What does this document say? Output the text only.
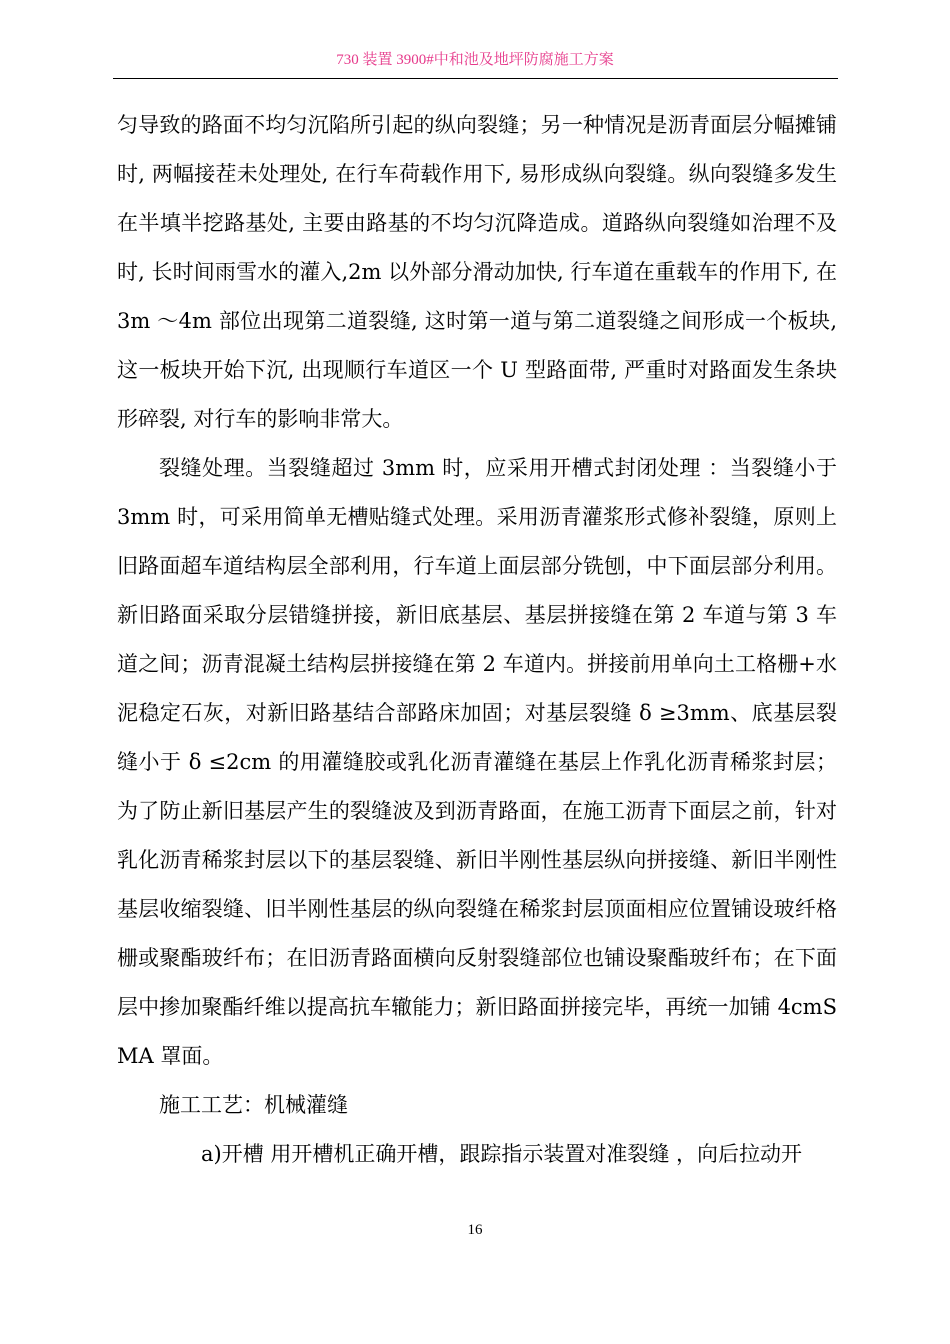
730 装置 3900#中和池及地坪防腐施工方案

匀导致的路面不均匀沉陷所引起的纵向裂缝；另一种情况是沥青面层分幅摊铺时, 两幅接茬未处理处, 在行车荷载作用下, 易形成纵向裂缝。纵向裂缝多发生在半填半挖路基处, 主要由路基的不均匀沉降造成。道路纵向裂缝如治理不及时, 长时间雨雪水的灌入,2m 以外部分滑动加快, 行车道在重载车的作用下, 在 3m ～4m 部位出现第二道裂缝, 这时第一道与第二道裂缝之间形成一个板块, 这一板块开始下沉, 出现顺行车道区一个 U 型路面带, 严重时对路面发生条块形碎裂, 对行车的影响非常大。

裂缝处理。当裂缝超过 3mm 时，应采用开槽式封闭处理 ：当裂缝小于 3mm 时，可采用简单无槽贴缝式处理。采用沥青灌浆形式修补裂缝，原则上旧路面超车道结构层全部利用，行车道上面层部分铣刨，中下面层部分利用。新旧路面采取分层错缝拼接，新旧底基层、基层拼接缝在第 2 车道与第 3 车道之间；沥青混凝土结构层拼接缝在第 2 车道内。拼接前用单向土工格栅+水泥稳定石灰，对新旧路基结合部路床加固；对基层裂缝 δ ≥3mm、底基层裂缝小于 δ ≤2cm 的用灌缝胶或乳化沥青灌缝在基层上作乳化沥青稀浆封层；为了防止新旧基层产生的裂缝波及到沥青路面，在施工沥青下面层之前，针对乳化沥青稀浆封层以下的基层裂缝、新旧半刚性基层纵向拼接缝、新旧半刚性基层收缩裂缝、旧半刚性基层的纵向裂缝在稀浆封层顶面相应位置铺设玻纤格栅或聚酯玻纤布；在旧沥青路面横向反射裂缝部位也铺设聚酯玻纤布；在下面层中掺加聚酯纤维以提高抗车辙能力；新旧路面拼接完毕，再统一加铺 4cmSMA 罩面。

施工工艺：机械灌缝

a)开槽 用开槽机正确开槽，跟踪指示装置对准裂缝 ，向后拉动开

16
